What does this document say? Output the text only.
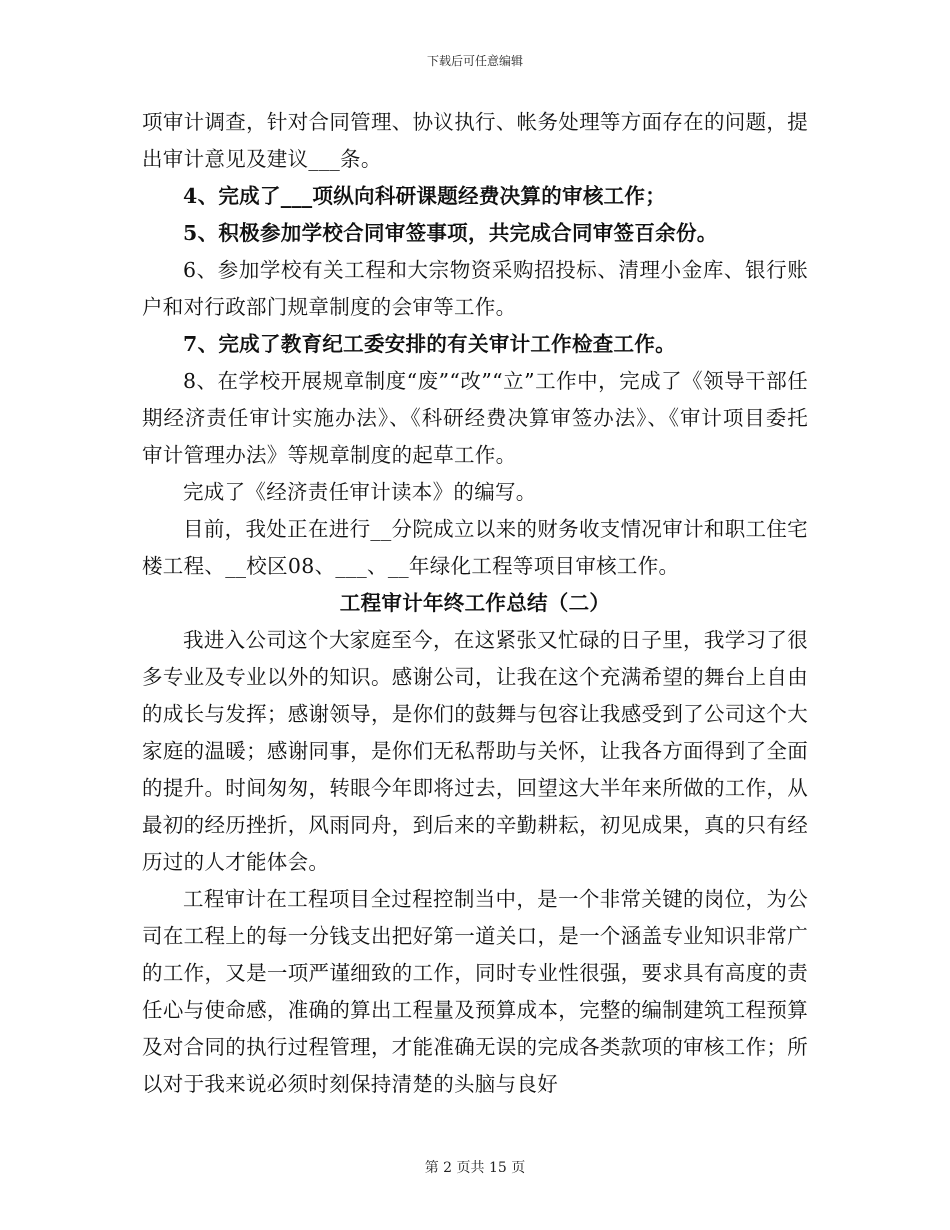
下载后可任意编辑

项审计调查，针对合同管理、协议执行、帐务处理等方面存在的问题，提出审计意见及建议___条。

4、完成了___项纵向科研课题经费决算的审核工作；

5、积极参加学校合同审签事项，共完成合同审签百余份。

6、参加学校有关工程和大宗物资采购招投标、清理小金库、银行账户和对行政部门规章制度的会审等工作。

7、完成了教育纪工委安排的有关审计工作检查工作。

8、在学校开展规章制度“废”“改”“立”工作中，完成了《领导干部任期经济责任审计实施办法》、《科研经费决算审签办法》、《审计项目委托审计管理办法》等规章制度的起草工作。

完成了《经济责任审计读本》的编写。

目前，我处正在进行__分院成立以来的财务收支情况审计和职工住宅楼工程、__校区08、___、__年绿化工程等项目审核工作。

工程审计年终工作总结（二）

我进入公司这个大家庭至今，在这紧张又忙碌的日子里，我学习了很多专业及专业以外的知识。感谢公司，让我在这个充满希望的舞台上自由的成长与发挥；感谢领导，是你们的鼓舞与包容让我感受到了公司这个大家庭的温暖；感谢同事，是你们无私帮助与关怀，让我各方面得到了全面的提升。时间匆匆，转眼今年即将过去，回望这大半年来所做的工作，从最初的经历挫折，风雨同舟，到后来的辛勤耕耘，初见成果，真的只有经历过的人才能体会。

工程审计在工程项目全过程控制当中，是一个非常关键的岗位，为公司在工程上的每一分钱支出把好第一道关口，是一个涵盖专业知识非常广的工作，又是一项严谨细致的工作，同时专业性很强，要求具有高度的责任心与使命感，准确的算出工程量及预算成本，完整的编制建筑工程预算及对合同的执行过程管理，才能准确无误的完成各类款项的审核工作；所以对于我来说必须时刻保持清楚的头脑与良好

第 2 页共 15 页
